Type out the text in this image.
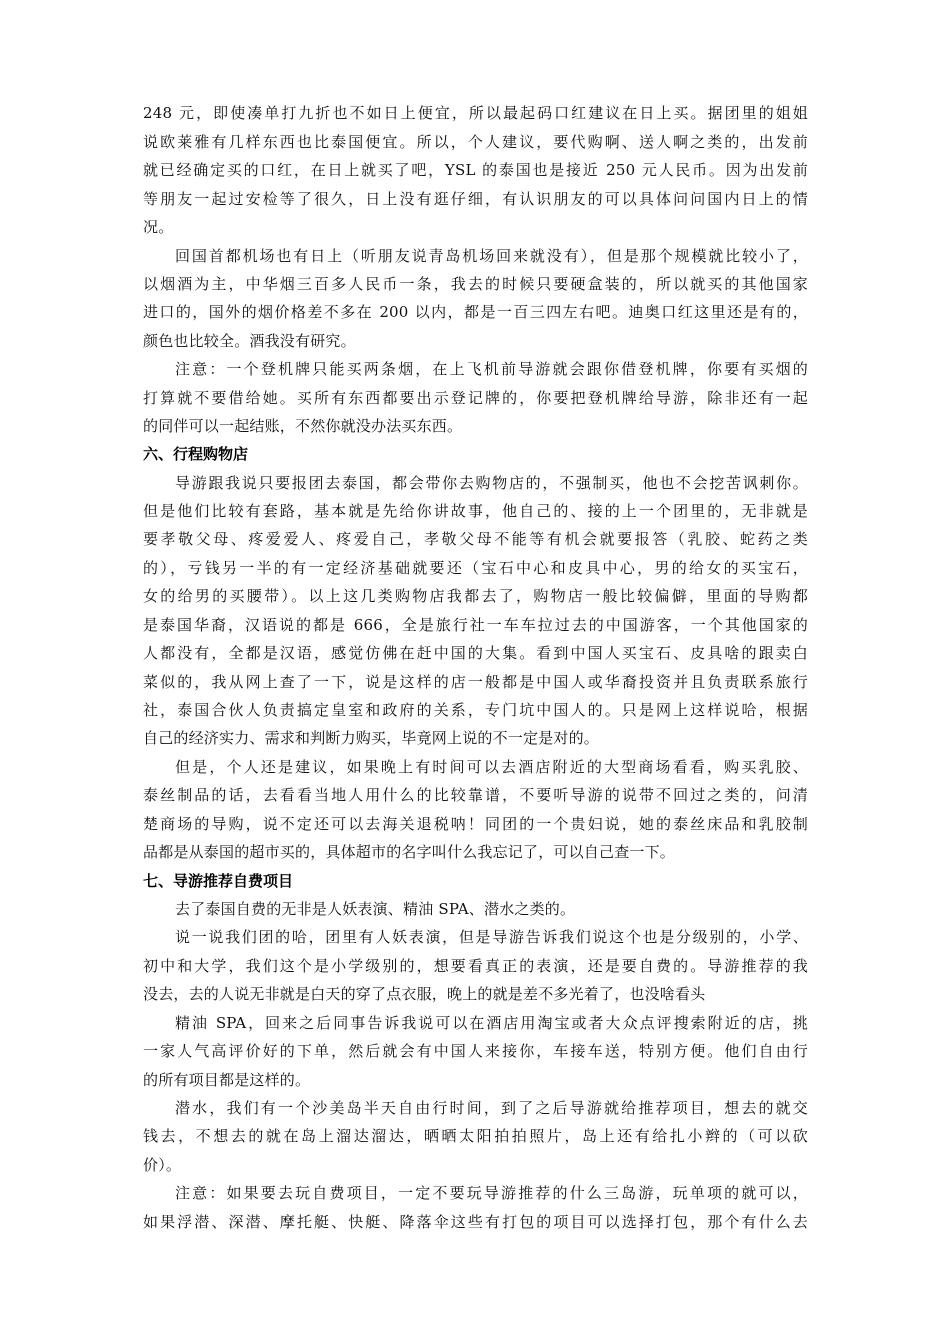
248 元，即使凑单打九折也不如日上便宜，所以最起码口红建议在日上买。据团里的姐姐
说欧莱雅有几样东西也比泰国便宜。所以，个人建议，要代购啊、送人啊之类的，出发前
就已经确定买的口红，在日上就买了吧，YSL 的泰国也是接近 250 元人民币。因为出发前
等朋友一起过安检等了很久，日上没有逛仔细，有认识朋友的可以具体问问国内日上的情
况。
回国首都机场也有日上（听朋友说青岛机场回来就没有），但是那个规模就比较小了，
以烟酒为主，中华烟三百多人民币一条，我去的时候只要硬盒装的，所以就买的其他国家
进口的，国外的烟价格差不多在 200 以内，都是一百三四左右吧。迪奥口红这里还是有的，
颜色也比较全。酒我没有研究。
注意：一个登机牌只能买两条烟，在上飞机前导游就会跟你借登机牌，你要有买烟的
打算就不要借给她。买所有东西都要出示登记牌的，你要把登机牌给导游，除非还有一起
的同伴可以一起结账，不然你就没办法买东西。
六、行程购物店
导游跟我说只要报团去泰国，都会带你去购物店的，不强制买，他也不会挖苦讽刺你。
但是他们比较有套路，基本就是先给你讲故事，他自己的、接的上一个团里的，无非就是
要孝敬父母、疼爱爱人、疼爱自己，孝敬父母不能等有机会就要报答（乳胶、蛇药之类
的），亏钱另一半的有一定经济基础就要还（宝石中心和皮具中心，男的给女的买宝石，
女的给男的买腰带）。以上这几类购物店我都去了，购物店一般比较偏僻，里面的导购都
是泰国华裔，汉语说的都是 666，全是旅行社一车车拉过去的中国游客，一个其他国家的
人都没有，全都是汉语，感觉仿佛在赶中国的大集。看到中国人买宝石、皮具啥的跟卖白
菜似的，我从网上查了一下，说是这样的店一般都是中国人或华裔投资并且负责联系旅行
社，泰国合伙人负责搞定皇室和政府的关系，专门坑中国人的。只是网上这样说哈，根据
自己的经济实力、需求和判断力购买，毕竟网上说的不一定是对的。
但是，个人还是建议，如果晚上有时间可以去酒店附近的大型商场看看，购买乳胶、
泰丝制品的话，去看看当地人用什么的比较靠谱，不要听导游的说带不回过之类的，问清
楚商场的导购，说不定还可以去海关退税呐！同团的一个贵妇说，她的泰丝床品和乳胶制
品都是从泰国的超市买的，具体超市的名字叫什么我忘记了，可以自己查一下。
七、导游推荐自费项目
去了泰国自费的无非是人妖表演、精油 SPA、潜水之类的。
说一说我们团的哈，团里有人妖表演，但是导游告诉我们说这个也是分级别的，小学、
初中和大学，我们这个是小学级别的，想要看真正的表演，还是要自费的。导游推荐的我
没去，去的人说无非就是白天的穿了点衣服，晚上的就是差不多光着了，也没啥看头
精油 SPA，回来之后同事告诉我说可以在酒店用淘宝或者大众点评搜索附近的店，挑
一家人气高评价好的下单，然后就会有中国人来接你，车接车送，特别方便。他们自由行
的所有项目都是这样的。
潜水，我们有一个沙美岛半天自由行时间，到了之后导游就给推荐项目，想去的就交
钱去，不想去的就在岛上溜达溜达，晒晒太阳拍拍照片，岛上还有给扎小辫的（可以砍
价）。
注意：如果要去玩自费项目，一定不要玩导游推荐的什么三岛游，玩单项的就可以，
如果浮潜、深潜、摩托艇、快艇、降落伞这些有打包的项目可以选择打包，那个有什么去
